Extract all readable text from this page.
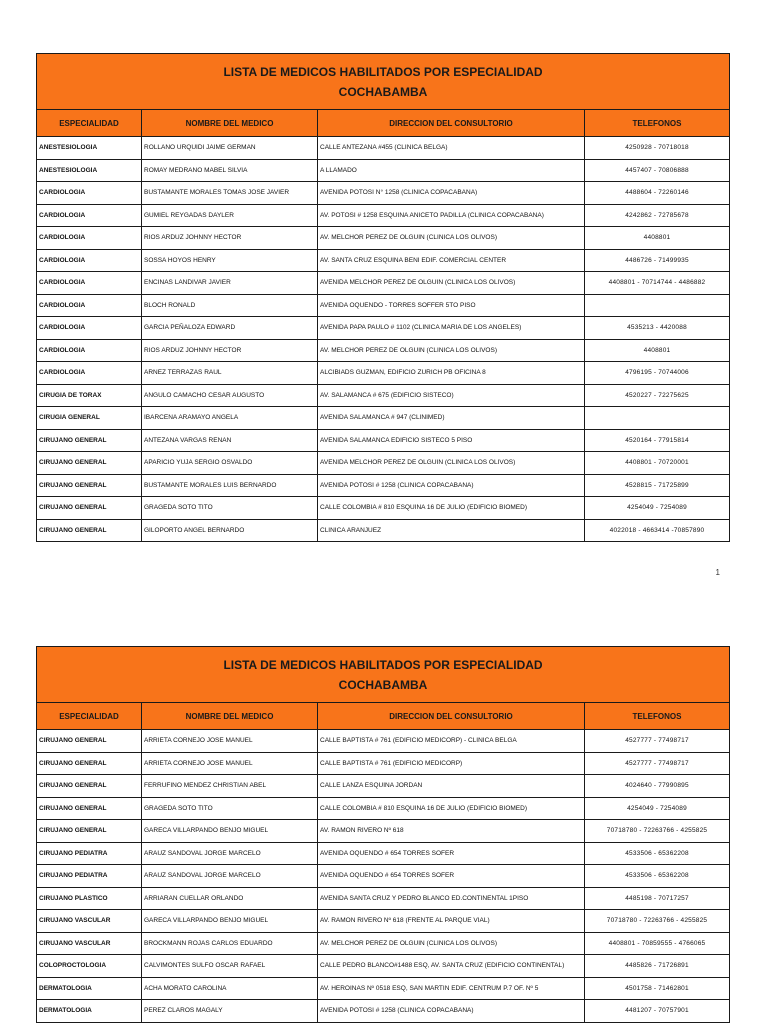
LISTA DE MEDICOS HABILITADOS POR ESPECIALIDAD
COCHABAMBA			

ESPECIALIDAD	NOMBRE DEL MEDICO	DIRECCION DEL CONSULTORIO	TELEFONOS
ANESTESIOLOGIA	ROLLANO URQUIDI JAIME GERMAN	CALLE ANTEZANA #455 (CLINICA BELGA)	4250928 - 70718018
ANESTESIOLOGIA	ROMAY MEDRANO MABEL SILVIA	A LLAMADO	4457407 - 70806888
CARDIOLOGIA	BUSTAMANTE MORALES TOMAS JOSE JAVIER	AVENIDA POTOSI N° 1258 (CLINICA COPACABANA)	4488604 - 72260146
CARDIOLOGIA	GUMIEL REYGADAS DAYLER	AV. POTOSI # 1258 ESQUINA ANICETO PADILLA (CLINICA COPACABANA)	4242862 - 72785678
CARDIOLOGIA	RIOS ARDUZ JOHNNY HECTOR	AV. MELCHOR PEREZ DE OLGUIN (CLINICA LOS OLIVOS)	4408801
CARDIOLOGIA	SOSSA HOYOS HENRY	AV. SANTA CRUZ ESQUINA BENI EDIF. COMERCIAL CENTER	4486726 - 71499935
CARDIOLOGIA	ENCINAS LANDIVAR JAVIER	AVENIDA MELCHOR PEREZ DE OLGUIN (CLINICA LOS OLIVOS)	4408801 - 70714744 - 4486882
CARDIOLOGIA	BLOCH RONALD	AVENIDA OQUENDO - TORRES SOFFER 5TO PISO	
CARDIOLOGIA	GARCIA PEÑALOZA EDWARD	AVENIDA PAPA PAULO # 1102 (CLINICA MARIA DE LOS ANGELES)	4535213 - 4420088
CARDIOLOGIA	RIOS ARDUZ JOHNNY HECTOR	AV. MELCHOR PEREZ DE OLGUIN (CLINICA LOS OLIVOS)	4408801
CARDIOLOGIA	ARNEZ TERRAZAS RAUL	ALCIBIADS GUZMAN, EDIFICIO ZURICH PB OFICINA 8	4796195 - 70744006
CIRUGIA DE TORAX	ANGULO CAMACHO CESAR AUGUSTO	AV. SALAMANCA # 675 (EDIFICIO SISTECO)	4520227 - 72275625
CIRUGIA GENERAL	IBARCENA ARAMAYO ANGELA	AVENIDA SALAMANCA # 947 (CLINIMED)	
CIRUJANO GENERAL	ANTEZANA VARGAS RENAN	AVENIDA SALAMANCA EDIFICIO SISTECO 5 PISO	4520164 - 77915814
CIRUJANO GENERAL	APARICIO YUJA SERGIO OSVALDO	AVENIDA MELCHOR PEREZ DE OLGUIN (CLINICA LOS OLIVOS)	4408801 - 70720001
CIRUJANO GENERAL	BUSTAMANTE MORALES LUIS BERNARDO	AVENIDA POTOSI # 1258 (CLINICA COPACABANA)	4528815 - 71725899
CIRUJANO GENERAL	GRAGEDA SOTO TITO	CALLE COLOMBIA # 810 ESQUINA 16 DE JULIO (EDIFICIO BIOMED)	4254049 - 7254089
CIRUJANO GENERAL	GILOPORTO ANGEL BERNARDO	CLINICA ARANJUEZ	4022018 - 4663414 -70857890
1
LISTA DE MEDICOS HABILITADOS POR ESPECIALIDAD
COCHABAMBA			

ESPECIALIDAD	NOMBRE DEL MEDICO	DIRECCION DEL CONSULTORIO	TELEFONOS
CIRUJANO GENERAL	ARRIETA CORNEJO JOSE MANUEL	CALLE BAPTISTA # 761 (EDIFICIO MEDICORP) - CLINICA BELGA	4527777 - 77498717
CIRUJANO GENERAL	ARRIETA CORNEJO JOSE MANUEL	CALLE BAPTISTA # 761 (EDIFICIO MEDICORP)	4527777 - 77498717
CIRUJANO GENERAL	FERRUFINO MENDEZ CHRISTIAN ABEL	CALLE LANZA ESQUINA JORDAN	4024640 - 77990895
CIRUJANO GENERAL	GRAGEDA SOTO TITO	CALLE COLOMBIA # 810 ESQUINA 16 DE JULIO (EDIFICIO BIOMED)	4254049 - 7254089
CIRUJANO GENERAL	GARECA VILLARPANDO BENJO MIGUEL	AV. RAMON RIVERO Nº 618	70718780 - 72263766 - 4255825
CIRUJANO PEDIATRA	ARAUZ SANDOVAL JORGE MARCELO	AVENIDA OQUENDO # 654 TORRES SOFER	4533506 - 65362208
CIRUJANO PEDIATRA	ARAUZ SANDOVAL JORGE MARCELO	AVENIDA OQUENDO # 654 TORRES SOFER	4533506 - 65362208
CIRUJANO PLASTICO	ARRIARAN CUELLAR ORLANDO	AVENIDA SANTA CRUZ Y PEDRO BLANCO ED.CONTINENTAL 1PISO	4485198 - 70717257
CIRUJANO VASCULAR	GARECA VILLARPANDO BENJO MIGUEL	AV. RAMON RIVERO Nº 618 (FRENTE AL PARQUE VIAL)	70718780 - 72263766 - 4255825
CIRUJANO VASCULAR	BROCKMANN ROJAS CARLOS EDUARDO	AV. MELCHOR PEREZ DE OLGUIN (CLINICA LOS OLIVOS)	4408801 - 70859555 - 4766065
COLOPROCTOLOGIA	CALVIMONTES SULFO OSCAR RAFAEL	CALLE PEDRO BLANCO#1488 ESQ, AV. SANTA CRUZ (EDIFICIO CONTINENTAL)	4485826 - 71726891
DERMATOLOGIA	ACHA MORATO CAROLINA	AV. HEROINAS Nº 0518 ESQ, SAN MARTIN EDIF. CENTRUM P.7 OF. Nº 5	4501758 - 71462801
DERMATOLOGIA	PEREZ CLAROS MAGALY	AVENIDA POTOSI # 1258 (CLINICA COPACABANA)	4481207 - 70757901
